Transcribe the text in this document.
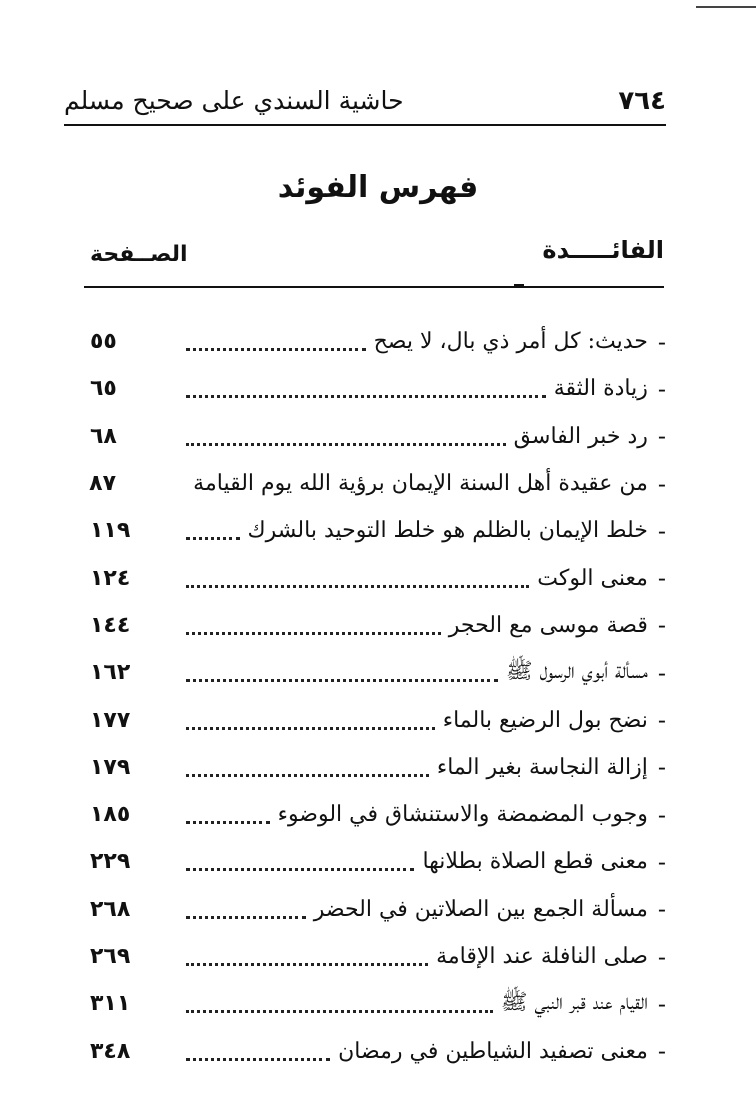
٧٦٤
حاشية السندي على صحيح مسلم
فهرس الفوئد
الفائـــــدة
الصــفحة
-
حديث: كل أمر ذي بال، لا يصح
٥٥
-
زيادة الثقة
٦٥
-
رد خبر الفاسق
٦٨
-
من عقيدة أهل السنة الإيمان برؤية الله يوم القيامة
٨٧
-
خلط الإيمان بالظلم هو خلط التوحيد بالشرك
١١٩
-
معنى الوكت
١٢٤
-
قصة موسى مع الحجر
١٤٤
-
مسألة أبوي الرسول ﷺ
١٦٢
-
نضح بول الرضيع بالماء
١٧٧
-
إزالة النجاسة بغير الماء
١٧٩
-
وجوب المضمضة والاستنشاق في الوضوء
١٨٥
-
معنى قطع الصلاة بطلانها
٢٢٩
-
مسألة الجمع بين الصلاتين في الحضر
٢٦٨
-
صلى النافلة عند الإقامة
٢٦٩
-
القيام عند قبر النبي ﷺ
٣١١
-
معنى تصفيد الشياطين في رمضان
٣٤٨
